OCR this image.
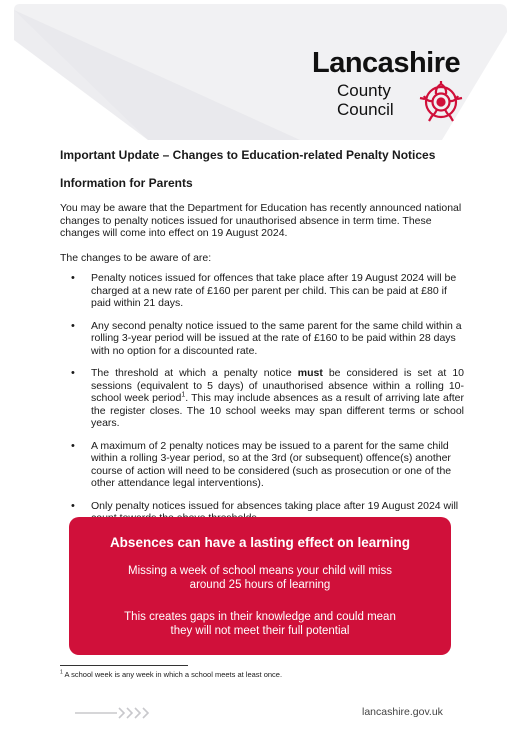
Lancashire
County
Council
Important Update – Changes to Education-related Penalty Notices
Information for Parents

You may be aware that the Department for Education has recently announced national changes to penalty notices issued for unauthorised absence in term time. These changes will come into effect on 19 August 2024.

The changes to be aware of are:

• Penalty notices issued for offences that take place after 19 August 2024 will be charged at a new rate of £160 per parent per child. This can be paid at £80 if paid within 21 days.
• Any second penalty notice issued to the same parent for the same child within a rolling 3-year period will be issued at the rate of £160 to be paid within 28 days with no option for a discounted rate.
• The threshold at which a penalty notice must be considered is set at 10 sessions (equivalent to 5 days) of unauthorised absence within a rolling 10-school week period$^1$. This may include absences as a result of arriving late after the register closes. The 10 school weeks may span different terms or school years.
• A maximum of 2 penalty notices may be issued to a parent for the same child within a rolling 3-year period, so at the 3rd (or subsequent) offence(s) another course of action will need to be considered (such as prosecution or one of the other attendance legal interventions).
• Only penalty notices issued for absences taking place after 19 August 2024 will
Absences can have a lasting effect on learning
Missing a week of school means your child will miss around 25 hours of learning
This creates gaps in their knowledge and could mean they will not meet their full potential
$^1$ A school week is any week in which a school meets at least once.
lancashire.gov.uk
